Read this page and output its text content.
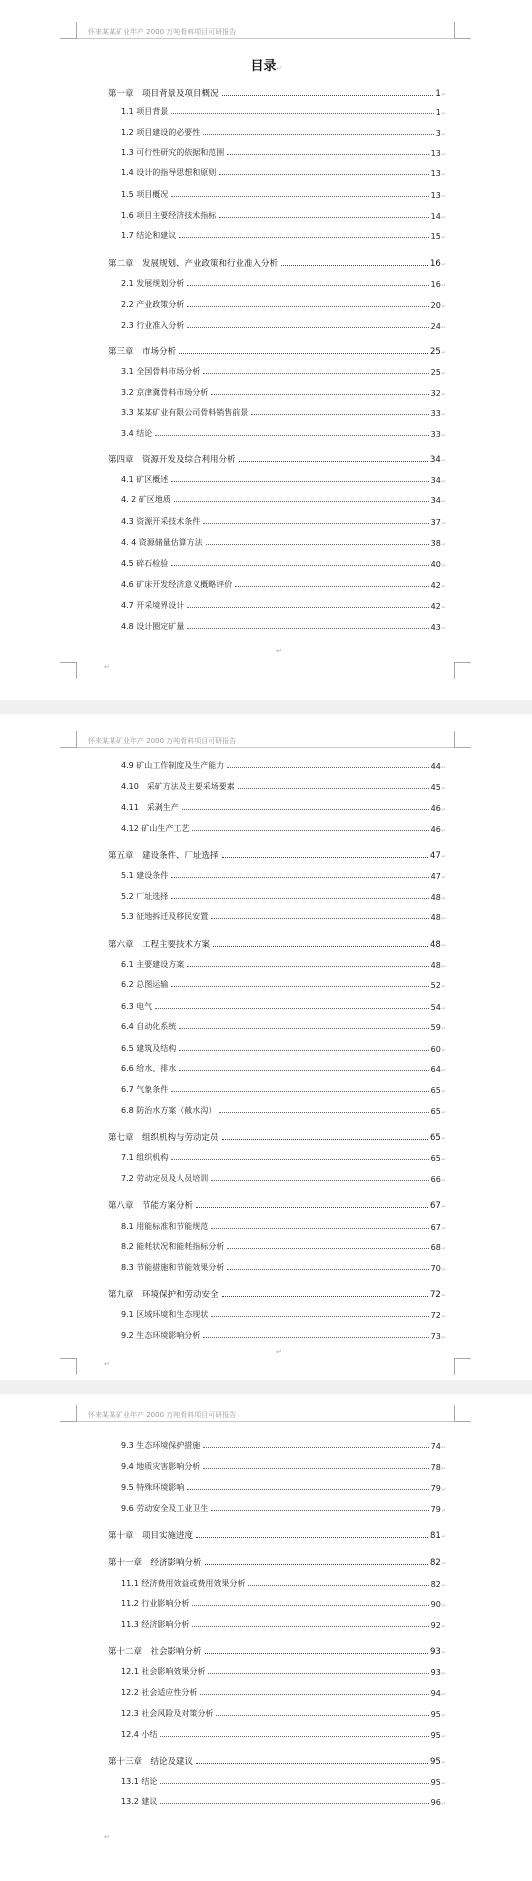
怀来某某矿业年产 2000 万吨骨料项目可研报告
目录↵
↵
↵
怀来某某矿业年产 2000 万吨骨料项目可研报告
↵
↵
怀来某某矿业年产 2000 万吨骨料项目可研报告
↵
第一章　项目背景及项目概况	1 ↵
1.1 项目背景	1 ↵
1.2 项目建设的必要性	3 ↵
1.3 可行性研究的依据和范围	13 ↵
1.4 设计的指导思想和原则	13 ↵
1.5 项目概况	13 ↵
1.6 项目主要经济技术指标	14 ↵
1.7 结论和建议	15 ↵
第二章　发展规划、产业政策和行业准入分析	16 ↵
2.1 发展规划分析	16 ↵
2.2 产业政策分析	20 ↵
2.3 行业准入分析	24 ↵
第三章　市场分析	25 ↵
3.1 全国骨料市场分析	25 ↵
3.2 京津冀骨料市场分析	32 ↵
3.3 某某矿业有限公司骨料销售前景	33 ↵
3.4 结论	33 ↵
第四章　资源开发及综合利用分析	34 ↵
4.1 矿区概述	34 ↵
4. 2 矿区地质	34 ↵
4.3 资源开采技术条件	37 ↵
4. 4 资源储量估算方法	38 ↵
4.5 碎石检验	40 ↵
4.6 矿床开发经济意义概略评价	42 ↵
4.7 开采境界设计	42 ↵
4.8 设计圈定矿量	43 ↵
4.9 矿山工作制度及生产能力	44 ↵
4.10　采矿方法及主要采场要素	45 ↵
4.11　采剥生产	46 ↵
4.12 矿山生产工艺	46 ↵
第五章　建设条件、厂址选择	47 ↵
5.1 建设条件	47 ↵
5.2 厂址选择	48 ↵
5.3 征地拆迁及移民安置	48 ↵
第六章　工程主要技术方案	48 ↵
6.1 主要建设方案	48 ↵
6.2 总图运输	52 ↵
6.3 电气	54 ↵
6.4 自动化系统	59 ↵
6.5 建筑及结构	60 ↵
6.6 给水、排水	64 ↵
6.7 气象条件	65 ↵
6.8 防治水方案（截水沟）	65 ↵
第七章　组织机构与劳动定员	65 ↵
7.1 组织机构	65 ↵
7.2 劳动定员及人员培训	66 ↵
第八章　节能方案分析	67 ↵
8.1 用能标准和节能规范	67 ↵
8.2 能耗状况和能耗指标分析	68 ↵
8.3 节能措施和节能效果分析	70 ↵
第九章　环境保护和劳动安全	72 ↵
9.1 区域环境和生态现状	72 ↵
9.2 生态环境影响分析	73 ↵
9.3 生态环境保护措施	74 ↵
9.4 地质灾害影响分析	78 ↵
9.5 特殊环境影响	79 ↵
9.6 劳动安全及工业卫生	79 ↵
第十章　项目实施进度	81 ↵
第十一章　经济影响分析	82 ↵
11.1 经济费用效益或费用效果分析	82 ↵
11.2 行业影响分析	90 ↵
11.3 经济影响分析	92 ↵
第十二章　社会影响分析	93 ↵
12.1 社会影响效果分析	93 ↵
12.2 社会适应性分析	94 ↵
12.3 社会风险及对策分析	95 ↵
12.4 小结	95 ↵
第十三章　结论及建议	95 ↵
13.1 结论	95 ↵
13.2 建议	96 ↵
